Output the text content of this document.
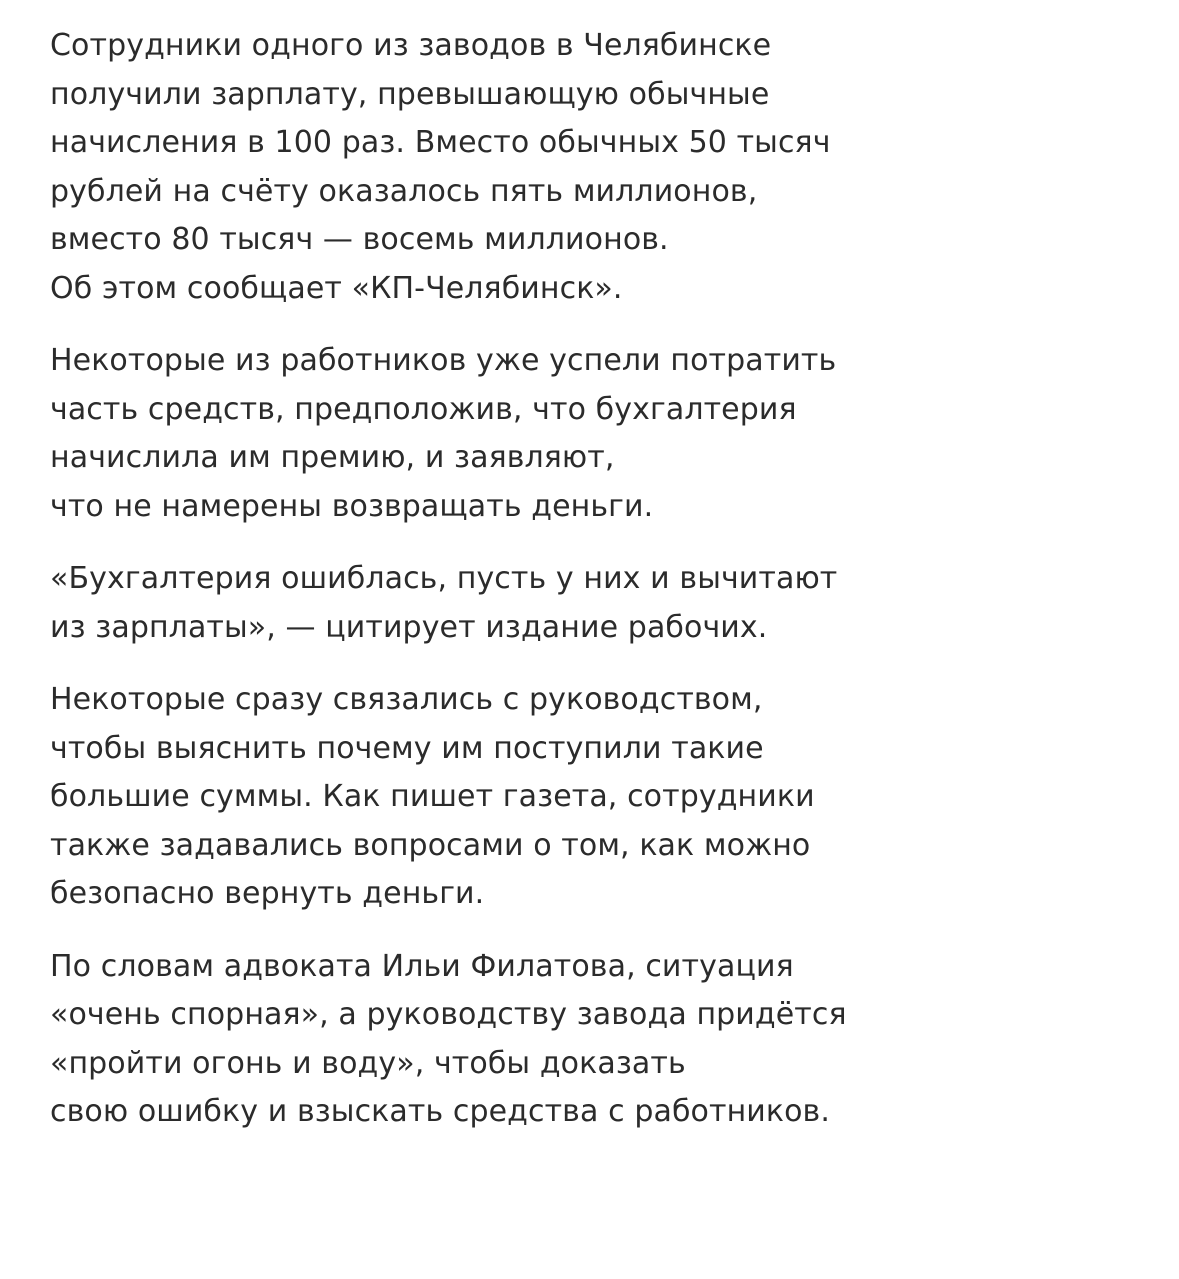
Сотрудники одного из заводов в Челябинске
получили зарплату, превышающую обычные
начисления в 100 раз. Вместо обычных 50 тысяч
рублей на счёту оказалось пять миллионов,
вместо 80 тысяч — восемь миллионов.
Об этом сообщает «КП-Челябинск».

Некоторые из работников уже успели потратить
часть средств, предположив, что бухгалтерия
начислила им премию, и заявляют,
что не намерены возвращать деньги.

«Бухгалтерия ошиблась, пусть у них и вычитают
из зарплаты», — цитирует издание рабочих.

Некоторые сразу связались с руководством,
чтобы выяснить почему им поступили такие
большие суммы. Как пишет газета, сотрудники
также задавались вопросами о том, как можно
безопасно вернуть деньги.

По словам адвоката Ильи Филатова, ситуация
«очень спорная», а руководству завода придётся
«пройти огонь и воду», чтобы доказать
свою ошибку и взыскать средства с работников.
